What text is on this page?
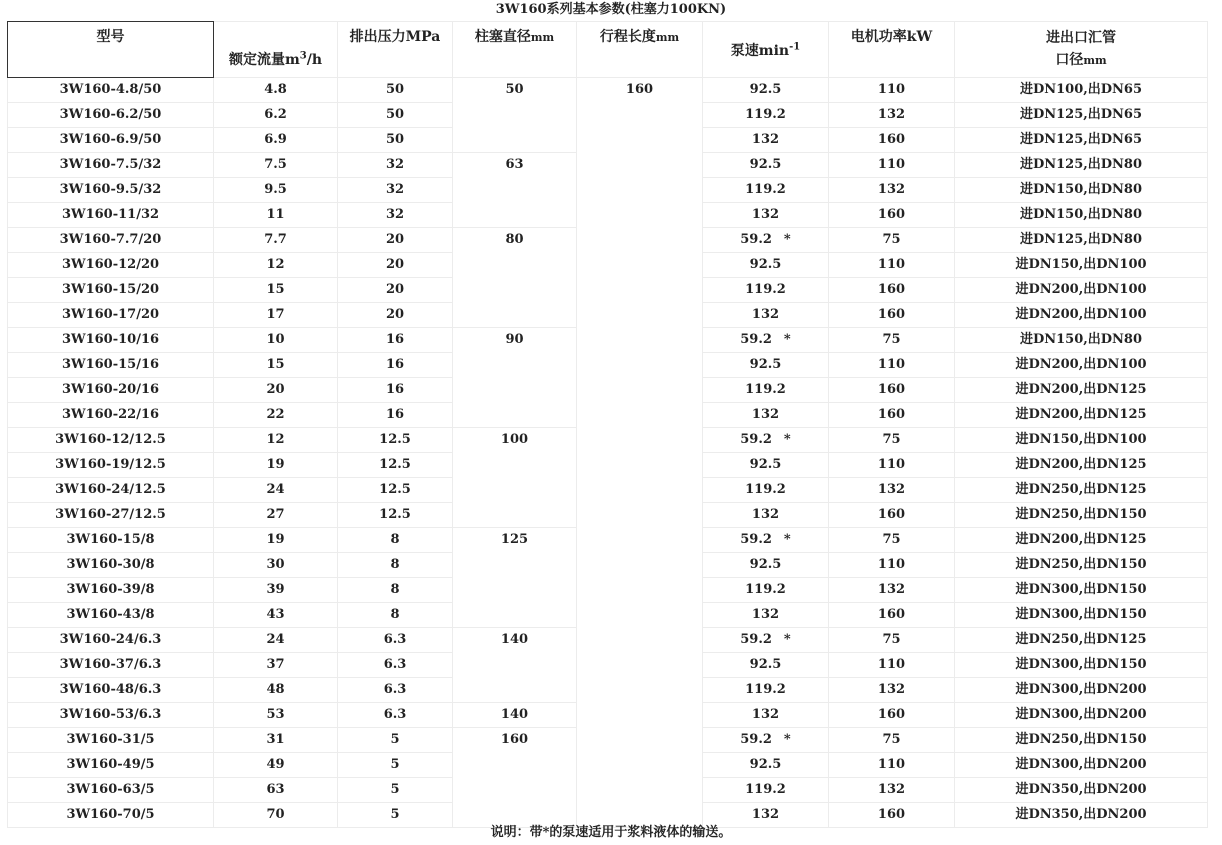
3W160系列基本参数(柱塞力100KN)
型号	额定流量$m^3/h$	排出压力MPa	柱塞直径mm	行程长度mm	泵速$\min^{-1}$	电机功率kW	进出口汇管
口径mm

3W160-4.8/50	4.8	50	50	160	92.5	110	进DN100,出DN65
3W160-6.2/50	6.2	50			119.2	132	进DN125,出DN65
3W160-6.9/50	6.9	50			132	160	进DN125,出DN65
3W160-7.5/32	7.5	32	63		92.5	110	进DN125,出DN80
3W160-9.5/32	9.5	32			119.2	132	进DN150,出DN80
3W160-11/32	11	32			132	160	进DN150,出DN80
3W160-7.7/20	7.7	20	80		59.2 *	75	进DN125,出DN80
3W160-12/20	12	20			92.5	110	进DN150,出DN100
3W160-15/20	15	20			119.2	160	进DN200,出DN100
3W160-17/20	17	20			132	160	进DN200,出DN100
3W160-10/16	10	16	90		59.2 *	75	进DN150,出DN80
3W160-15/16	15	16			92.5	110	进DN200,出DN100
3W160-20/16	20	16			119.2	160	进DN200,出DN125
3W160-22/16	22	16			132	160	进DN200,出DN125
3W160-12/12.5	12	12.5	100		59.2 *	75	进DN150,出DN100
3W160-19/12.5	19	12.5			92.5	110	进DN200,出DN125
3W160-24/12.5	24	12.5			119.2	132	进DN250,出DN125
3W160-27/12.5	27	12.5			132	160	进DN250,出DN150
3W160-15/8	19	8	125		59.2 *	75	进DN200,出DN125
3W160-30/8	30	8			92.5	110	进DN250,出DN150
3W160-39/8	39	8			119.2	132	进DN300,出DN150
3W160-43/8	43	8			132	160	进DN300,出DN150
3W160-24/6.3	24	6.3	140		59.2 *	75	进DN250,出DN125
3W160-37/6.3	37	6.3			92.5	110	进DN300,出DN150
3W160-48/6.3	48	6.3			119.2	132	进DN300,出DN200
3W160-53/6.3	53	6.3	140		132	160	进DN300,出DN200
3W160-31/5	31	5	160		59.2 *	75	进DN250,出DN150
3W160-49/5	49	5			92.5	110	进DN300,出DN200
3W160-63/5	63	5			119.2	132	进DN350,出DN200
3W160-70/5	70	5			132	160	进DN350,出DN200
说明：带*的泵速适用于浆料液体的输送。
